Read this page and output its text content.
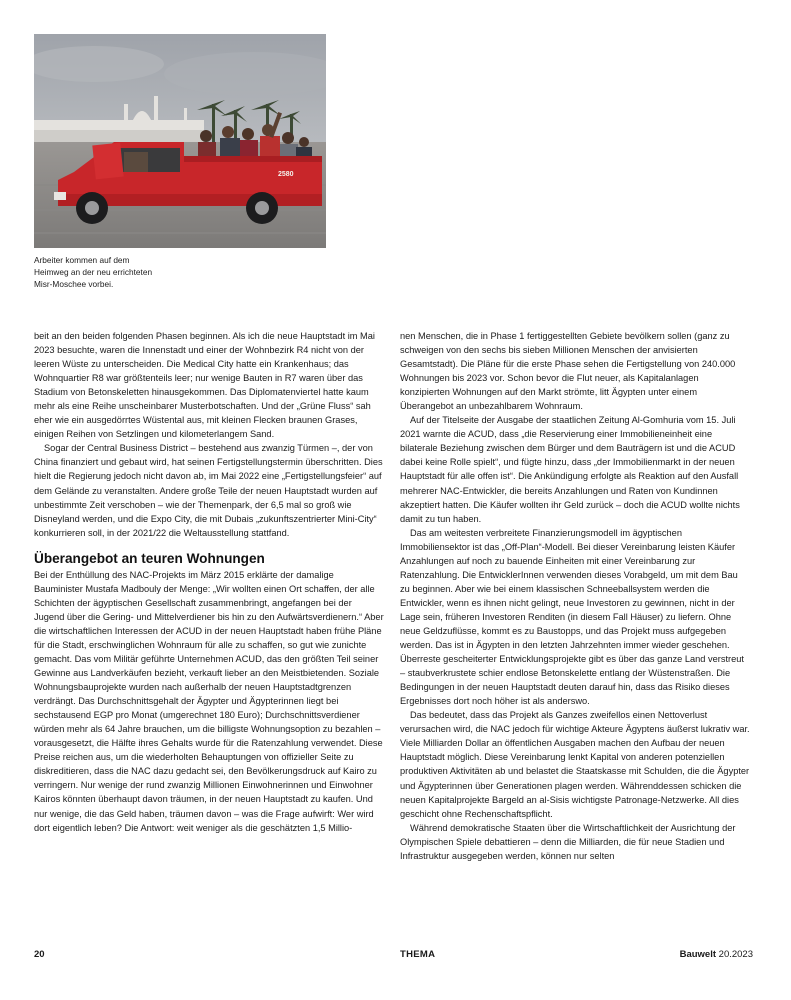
2580
Arbeiter kommen auf dem Heimweg an der neu errichteten Misr-Moschee vorbei.

beit an den beiden folgenden Phasen beginnen. Als ich die neue Hauptstadt im Mai 2023 besuchte, waren die Innenstadt und einer der Wohnbezirk R4 nicht von der leeren Wüste zu unterscheiden. Die Medical City hatte ein Krankenhaus; das Wohnquartier R8 war größtenteils leer; nur wenige Bauten in R7 waren über das Stadium von Betonskeletten hinausgekommen. Das Diplomatenviertel hatte kaum mehr als eine Reihe unscheinbarer Musterbotschaften. Und der „Grüne Fluss“ sah eher wie ein ausgedörrtes Wüstental aus, mit kleinen Flecken braunen Grases, einigen Reihen von Setzlingen und kilometerlangem Sand.

Sogar der Central Business District – bestehend aus zwanzig Türmen –, der von China finanziert und gebaut wird, hat seinen Fertigstellungstermin überschritten. Dies hielt die Regierung jedoch nicht davon ab, im Mai 2022 eine „Fertigstellungsfeier“ auf dem Gelände zu veranstalten. Andere große Teile der neuen Hauptstadt wurden auf unbestimmte Zeit verschoben – wie der Themenpark, der 6,5 mal so groß wie Disneyland werden, und die Expo City, die mit Dubais „zukunftszentrierter Mini-City“ konkurrieren soll, in der 2021/22 die Weltausstellung stattfand.

Überangebot an teuren Wohnungen

Bei der Enthüllung des NAC-Projekts im März 2015 erklärte der damalige Bauminister Mustafa Madbouly der Menge: „Wir wollten einen Ort schaffen, der alle Schichten der ägyptischen Gesellschaft zusammenbringt, angefangen bei der Jugend über die Gering- und Mittelverdiener bis hin zu den Aufwärtsverdienern.“ Aber die wirtschaftlichen Interessen der ACUD in der neuen Hauptstadt haben frühe Pläne für die Stadt, erschwinglichen Wohnraum für alle zu schaffen, so gut wie zunichte gemacht. Das vom Militär geführte Unternehmen ACUD, das den größten Teil seiner Gewinne aus Landverkäufen bezieht, verkauft lieber an den Meistbietenden. Soziale Wohnungsbauprojekte wurden nach außerhalb der neuen Hauptstadtgrenzen verdrängt. Das Durchschnittsgehalt der Ägypter und Ägypterinnen liegt bei sechstausend EGP pro Monat (umgerechnet 180 Euro); Durchschnittsverdiener würden mehr als 64 Jahre brauchen, um die billigste Wohnungsoption zu bezahlen – vorausgesetzt, die Hälfte ihres Gehalts wurde für die Ratenzahlung verwendet. Diese Preise reichen aus, um die wiederholten Behauptungen von offizieller Seite zu diskreditieren, dass die NAC dazu gedacht sei, den Bevölkerungsdruck auf Kairo zu verringern. Nur wenige der rund zwanzig Millionen Einwohnerinnen und Einwohner Kairos könnten überhaupt davon träumen, in der neuen Hauptstadt zu kaufen. Und nur wenige, die das Geld haben, träumen davon – was die Frage aufwirft: Wer wird dort eigentlich leben? Die Antwort: weit weniger als die geschätzten 1,5 Millio-

nen Menschen, die in Phase 1 fertiggestellten Gebiete bevölkern sollen (ganz zu schweigen von den sechs bis sieben Millionen Menschen der anvisierten Gesamtstadt). Die Pläne für die erste Phase sehen die Fertigstellung von 240.000 Wohnungen bis 2023 vor. Schon bevor die Flut neuer, als Kapitalanlagen konzipierten Wohnungen auf den Markt strömte, litt Ägypten unter einem Überangebot an unbezahlbarem Wohnraum.

Auf der Titelseite der Ausgabe der staatlichen Zeitung Al-Gomhuria vom 15. Juli 2021 warnte die ACUD, dass „die Reservierung einer Immobilieneinheit eine bilaterale Beziehung zwischen dem Bürger und dem Bauträgern ist und die ACUD dabei keine Rolle spielt“, und fügte hinzu, dass „der Immobilienmarkt in der neuen Hauptstadt für alle offen ist“. Die Ankündigung erfolgte als Reaktion auf den Ausfall mehrerer NAC-Entwickler, die bereits Anzahlungen und Raten von Kundinnen akzeptiert hatten. Die Käufer wollten ihr Geld zurück – doch die ACUD wollte nichts damit zu tun haben.

Das am weitesten verbreitete Finanzierungsmodell im ägyptischen Immobiliensektor ist das „Off-Plan“-Modell. Bei dieser Vereinbarung leisten Käufer Anzahlungen auf noch zu bauende Einheiten mit einer Vereinbarung zur Ratenzahlung. Die EntwicklerInnen verwenden dieses Vorabgeld, um mit dem Bau zu beginnen. Aber wie bei einem klassischen Schneeballsystem werden die Entwickler, wenn es ihnen nicht gelingt, neue Investoren zu gewinnen, nicht in der Lage sein, früheren Investoren Renditen (in diesem Fall Häuser) zu liefern. Ohne neue Geldzuflüsse, kommt es zu Baustopps, und das Projekt muss aufgegeben werden. Das ist in Ägypten in den letzten Jahrzehnten immer wieder geschehen. Überreste gescheiterter Entwicklungsprojekte gibt es über das ganze Land verstreut – staubverkrustete schier endlose Betonskelette entlang der Wüstenstraßen. Die Bedingungen in der neuen Hauptstadt deuten darauf hin, dass das Risiko dieses Ergebnisses dort noch höher ist als anderswo.

Das bedeutet, dass das Projekt als Ganzes zweifellos einen Nettoverlust verursachen wird, die NAC jedoch für wichtige Akteure Ägyptens äußerst lukrativ war. Viele Milliarden Dollar an öffentlichen Ausgaben machen den Aufbau der neuen Hauptstadt möglich. Diese Vereinbarung lenkt Kapital von anderen potenziellen produktiven Aktivitäten ab und belastet die Staatskasse mit Schulden, die die Ägypter und Ägypterinnen über Generationen plagen werden. Währenddessen schicken die neuen Kapitalprojekte Bargeld an al-Sisis wichtigste Patronage-Netzwerke. All dies geschicht ohne Rechenschaftspflicht.

Während demokratische Staaten über die Wirtschaftlichkeit der Ausrichtung der Olympischen Spiele debattieren – denn die Milliarden, die für neue Stadien und Infrastruktur ausgegeben werden, können nur selten

20	THEMA	Bauwelt 20.2023
